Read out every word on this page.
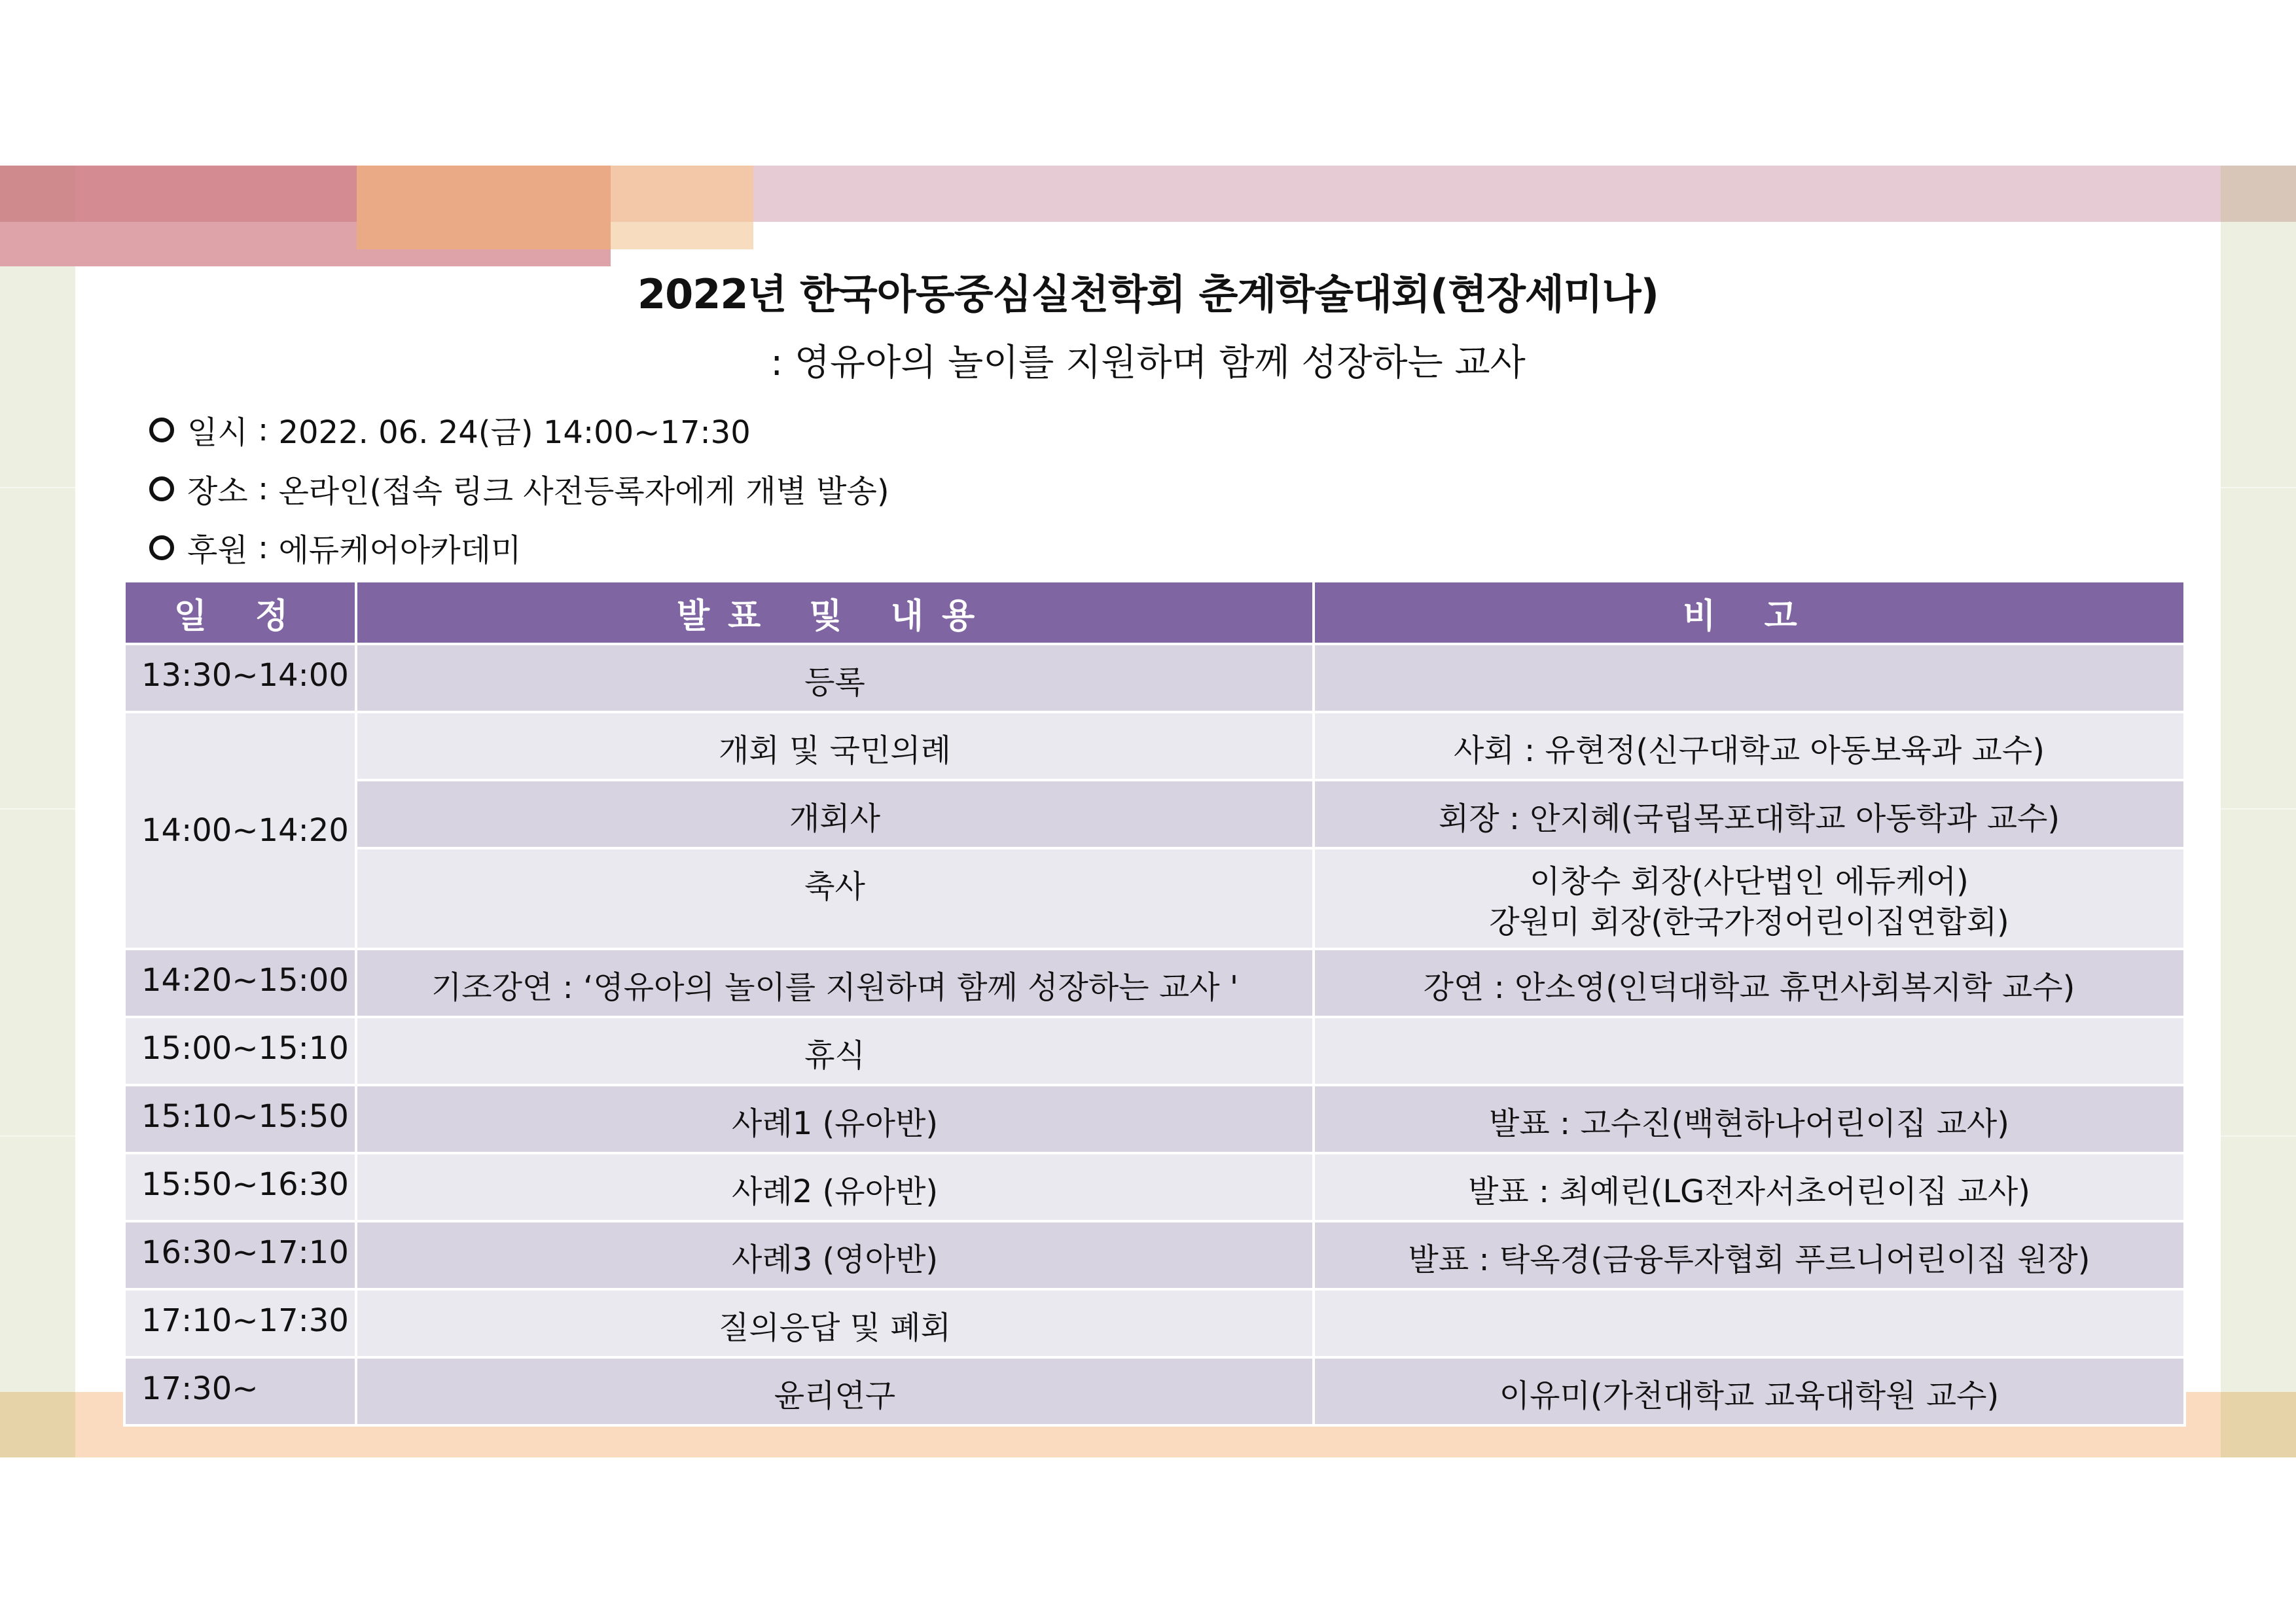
2022년 한국아동중심실천학회 춘계학술대회(현장세미나)
: 영유아의 놀이를 지원하며 함께 성장하는 교사
일시 : 2022. 06. 24(금) 14:00~17:30
장소 : 온라인(접속 링크 사전등록자에게 개별 발송)
후원 : 에듀케어아카데미
일 정	발표 및 내용	비 고
13:30~14:00	등록	
14:00~14:20	개회 및 국민의례	사회 : 유현정(신구대학교 아동보육과 교수)
	개회사	회장 : 안지혜(국립목포대학교 아동학과 교수)
	축사	이창수 회장(사단법인 에듀케어)
강원미 회장(한국가정어린이집연합회)

14:20~15:00	기조강연 : ‘영유아의 놀이를 지원하며 함께 성장하는 교사 '	강연 : 안소영(인덕대학교 휴먼사회복지학 교수)
15:00~15:10	휴식	
15:10~15:50	사례1 (유아반)	발표 : 고수진(백현하나어린이집 교사)
15:50~16:30	사례2 (유아반)	발표 : 최예린(LG전자서초어린이집 교사)
16:30~17:10	사례3 (영아반)	발표 : 탁옥경(금융투자협회 푸르니어린이집 원장)
17:10~17:30	질의응답 및 폐회	
17:30~	윤리연구	이유미(가천대학교 교육대학원 교수)
